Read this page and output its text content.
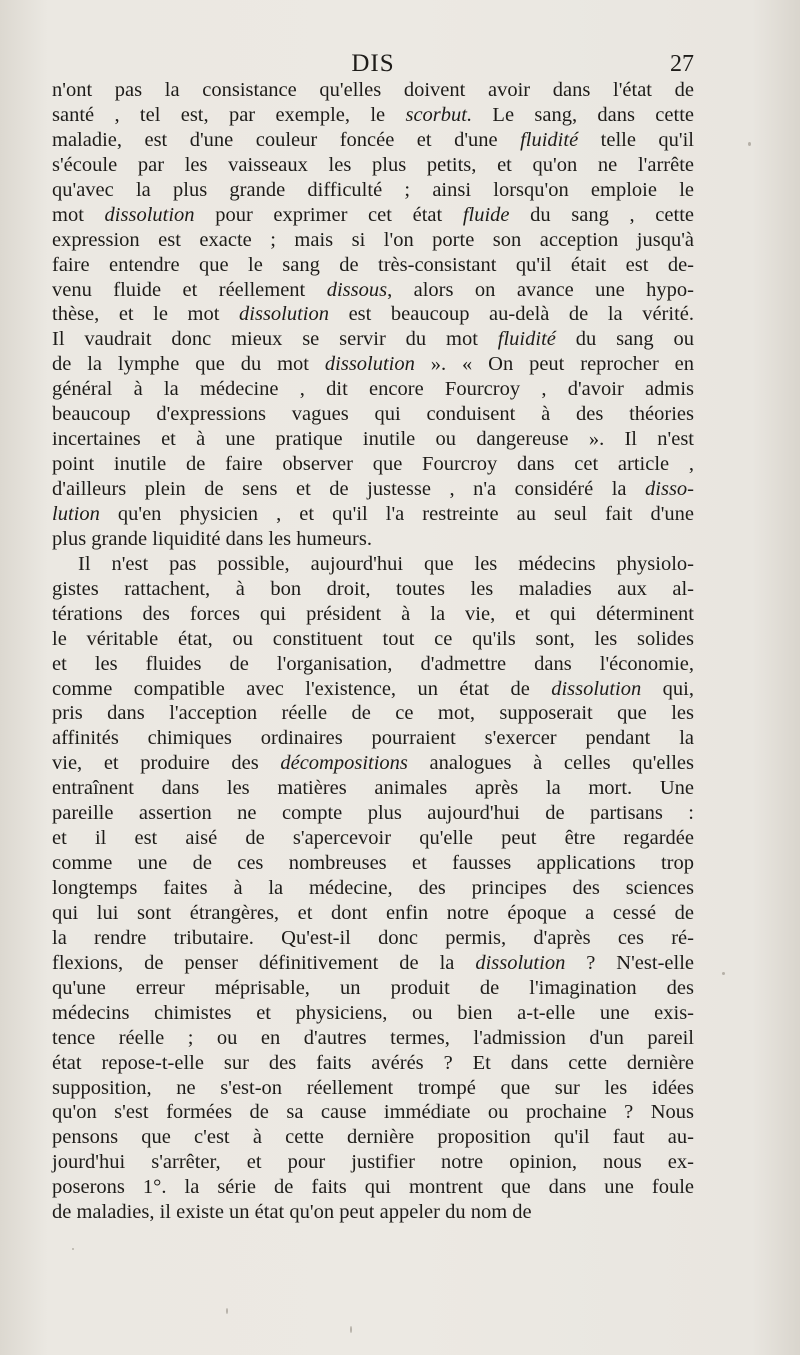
DIS	27
n'ont pas la consistance qu'elles doivent avoir dans l'état de
santé , tel est, par exemple, le scorbut. Le sang, dans cette
maladie, est d'une couleur foncée et d'une fluidité telle qu'il
s'écoule par les vaisseaux les plus petits, et qu'on ne l'arrête
qu'avec la plus grande difficulté ; ainsi lorsqu'on emploie le
mot dissolution pour exprimer cet état fluide du sang , cette
expression est exacte ; mais si l'on porte son acception jusqu'à
faire entendre que le sang de très-consistant qu'il était est de-
venu fluide et réellement dissous, alors on avance une hypo-
thèse, et le mot dissolution est beaucoup au-delà de la vérité.
Il vaudrait donc mieux se servir du mot fluidité du sang ou
de la lymphe que du mot dissolution ». « On peut reprocher en
général à la médecine , dit encore Fourcroy , d'avoir admis
beaucoup d'expressions vagues qui conduisent à des théories
incertaines et à une pratique inutile ou dangereuse ». Il n'est
point inutile de faire observer que Fourcroy dans cet article ,
d'ailleurs plein de sens et de justesse , n'a considéré la disso-
lution qu'en physicien , et qu'il l'a restreinte au seul fait d'une
plus grande liquidité dans les humeurs.
Il n'est pas possible, aujourd'hui que les médecins physiolo-
gistes rattachent, à bon droit, toutes les maladies aux al-
térations des forces qui président à la vie, et qui déterminent
le véritable état, ou constituent tout ce qu'ils sont, les solides
et les fluides de l'organisation, d'admettre dans l'économie,
comme compatible avec l'existence, un état de dissolution qui,
pris dans l'acception réelle de ce mot, supposerait que les
affinités chimiques ordinaires pourraient s'exercer pendant la
vie, et produire des décompositions analogues à celles qu'elles
entraînent dans les matières animales après la mort. Une
pareille assertion ne compte plus aujourd'hui de partisans :
et il est aisé de s'apercevoir qu'elle peut être regardée
comme une de ces nombreuses et fausses applications trop
longtemps faites à la médecine, des principes des sciences
qui lui sont étrangères, et dont enfin notre époque a cessé de
la rendre tributaire. Qu'est-il donc permis, d'après ces ré-
flexions, de penser définitivement de la dissolution ? N'est-elle
qu'une erreur méprisable, un produit de l'imagination des
médecins chimistes et physiciens, ou bien a-t-elle une exis-
tence réelle ; ou en d'autres termes, l'admission d'un pareil
état repose-t-elle sur des faits avérés ? Et dans cette dernière
supposition, ne s'est-on réellement trompé que sur les idées
qu'on s'est formées de sa cause immédiate ou prochaine ? Nous
pensons que c'est à cette dernière proposition qu'il faut au-
jourd'hui s'arrêter, et pour justifier notre opinion, nous ex-
poserons 1°. la série de faits qui montrent que dans une foule
de maladies, il existe un état qu'on peut appeler du nom de
